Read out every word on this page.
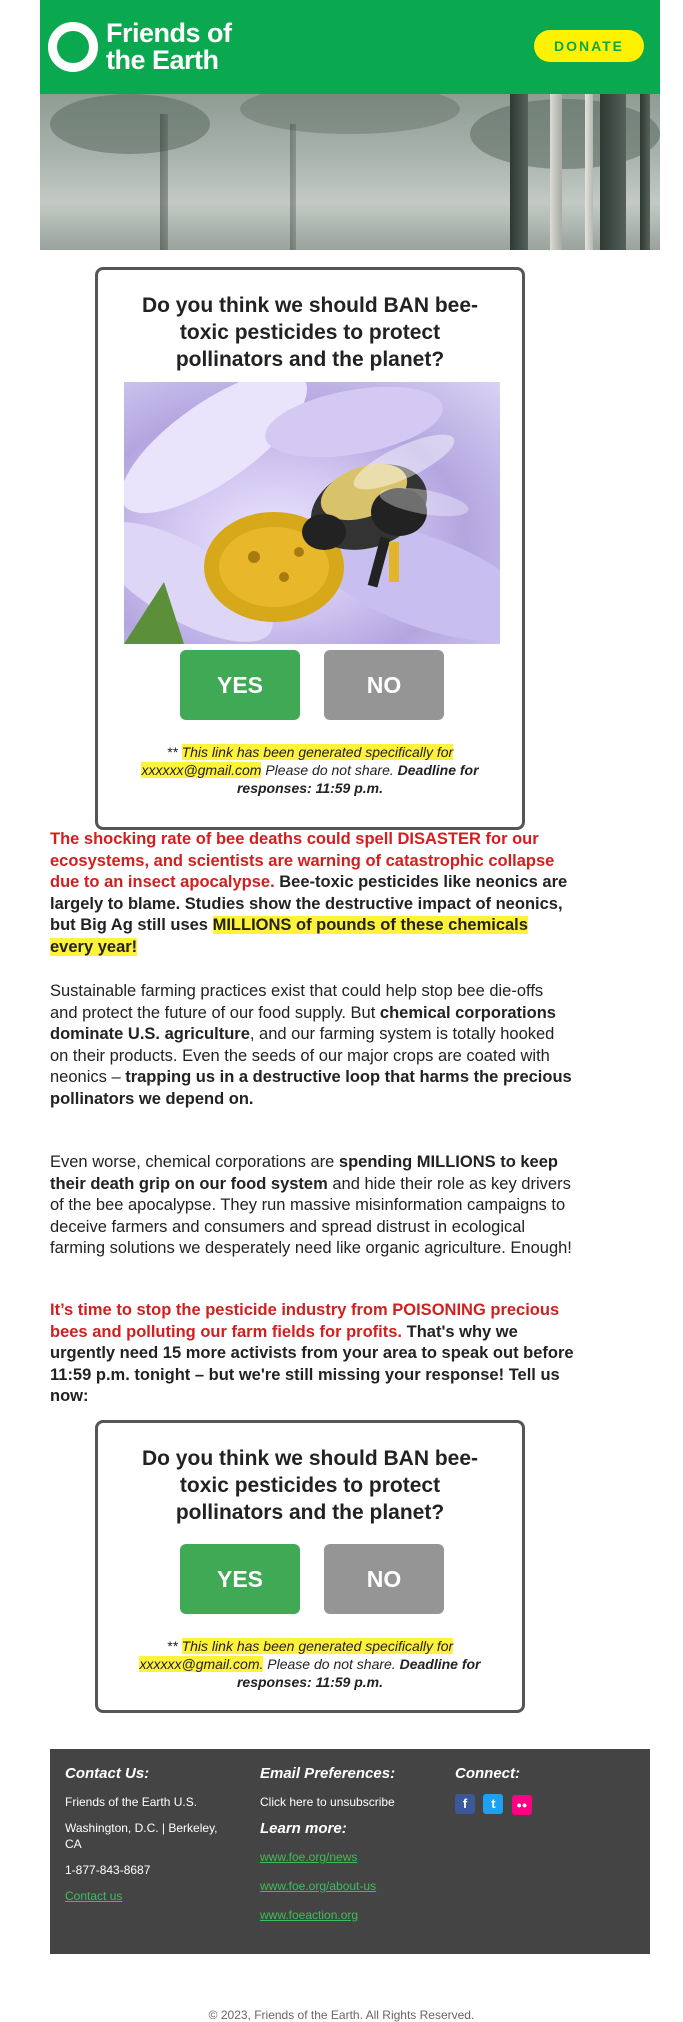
Friends of
the Earth	DONATE
Do you think we should BAN bee-toxic pesticides to protect pollinators and the planet?
YES	NO
** This link has been generated specifically for xxxxxx@gmail.com Please do not share. Deadline for responses: 11:59 p.m.
The shocking rate of bee deaths could spell DISASTER for our ecosystems, and scientists are warning of catastrophic collapse due to an insect apocalypse. Bee-toxic pesticides like neonics are largely to blame. Studies show the destructive impact of neonics, but Big Ag still uses MILLIONS of pounds of these chemicals every year!
Sustainable farming practices exist that could help stop bee die-offs and protect the future of our food supply. But chemical corporations dominate U.S. agriculture, and our farming system is totally hooked on their products. Even the seeds of our major crops are coated with neonics – trapping us in a destructive loop that harms the precious pollinators we depend on.
Even worse, chemical corporations are spending MILLIONS to keep their death grip on our food system and hide their role as key drivers of the bee apocalypse. They run massive misinformation campaigns to deceive farmers and consumers and spread distrust in ecological farming solutions we desperately need like organic agriculture. Enough!
It’s time to stop the pesticide industry from POISONING precious bees and polluting our farm fields for profits. That's why we urgently need 15 more activists from your area to speak out before 11:59 p.m. tonight – but we're still missing your response! Tell us now:
Do you think we should BAN bee-toxic pesticides to protect pollinators and the planet?
YES	NO
** This link has been generated specifically for xxxxxx@gmail.com. Please do not share. Deadline for responses: 11:59 p.m.
Contact Us:
Friends of the Earth U.S.
Washington, D.C. | Berkeley, CA
1-877-843-8687
Contact us
Email Preferences:
Click here to unsubscribe
Learn more:
www.foe.org/news
www.foe.org/about-us
www.foeaction.org
Connect:
f t ●●
© 2023, Friends of the Earth. All Rights Reserved.
